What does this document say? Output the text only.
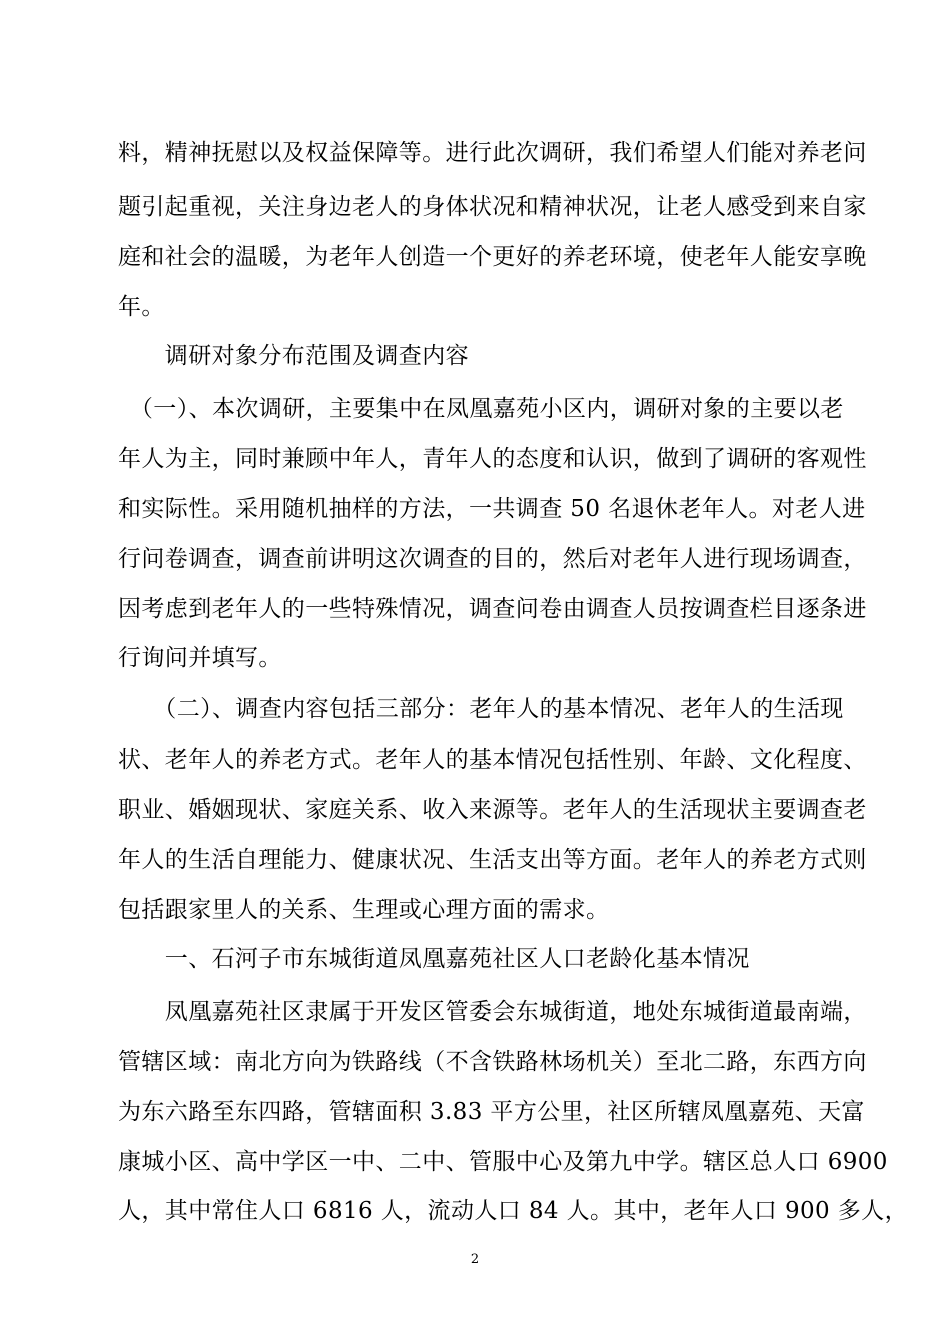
料，精神抚慰以及权益保障等。进行此次调研，我们希望人们能对养老问
题引起重视，关注身边老人的身体状况和精神状况，让老人感受到来自家
庭和社会的温暖，为老年人创造一个更好的养老环境，使老年人能安享晚
年。
　　调研对象分布范围及调查内容
　（一）、本次调研，主要集中在凤凰嘉苑小区内，调研对象的主要以老
年人为主，同时兼顾中年人，青年人的态度和认识，做到了调研的客观性
和实际性。采用随机抽样的方法，一共调查 50 名退休老年人。对老人进
行问卷调查，调查前讲明这次调查的目的，然后对老年人进行现场调查，
因考虑到老年人的一些特殊情况，调查问卷由调查人员按调查栏目逐条进
行询问并填写。
　　（二）、调查内容包括三部分：老年人的基本情况、老年人的生活现
状、老年人的养老方式。老年人的基本情况包括性别、年龄、文化程度、
职业、婚姻现状、家庭关系、收入来源等。老年人的生活现状主要调查老
年人的生活自理能力、健康状况、生活支出等方面。老年人的养老方式则
包括跟家里人的关系、生理或心理方面的需求。
　　一、石河子市东城街道凤凰嘉苑社区人口老龄化基本情况
　　凤凰嘉苑社区隶属于开发区管委会东城街道，地处东城街道最南端，
管辖区域：南北方向为铁路线（不含铁路林场机关）至北二路，东西方向
为东六路至东四路，管辖面积 3.83 平方公里，社区所辖凤凰嘉苑、天富
康城小区、高中学区一中、二中、管服中心及第九中学。辖区总人口 6900
人，其中常住人口 6816 人，流动人口 84 人。其中，老年人口 900 多人，
2
